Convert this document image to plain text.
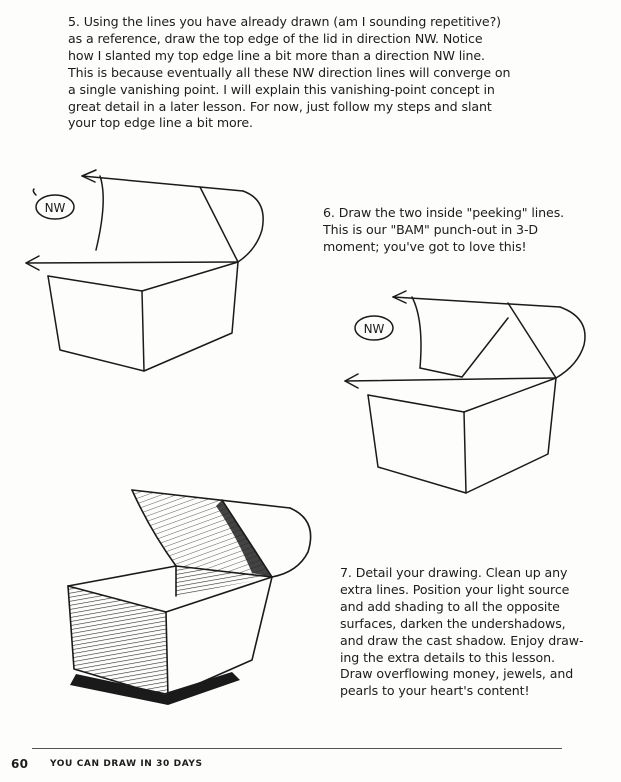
5. Using the lines you have already drawn (am I sounding repetitive?)
as a reference, draw the top edge of the lid in direction NW. Notice
how I slanted my top edge line a bit more than a direction NW line.
This is because eventually all these NW direction lines will converge on
a single vanishing point. I will explain this vanishing-point concept in
great detail in a later lesson. For now, just follow my steps and slant
your top edge line a bit more.
NW	6. Draw the two inside "peeking" lines.
This is our "BAM" punch-out in 3-D
moment; you've got to love this!
NW
7. Detail your drawing. Clean up any
extra lines. Position your light source
and add shading to all the opposite
surfaces, darken the undershadows,
and draw the cast shadow. Enjoy draw-
ing the extra details to this lesson.
Draw overflowing money, jewels, and
pearls to your heart's content!
60 YOU CAN DRAW IN 30 DAYS
